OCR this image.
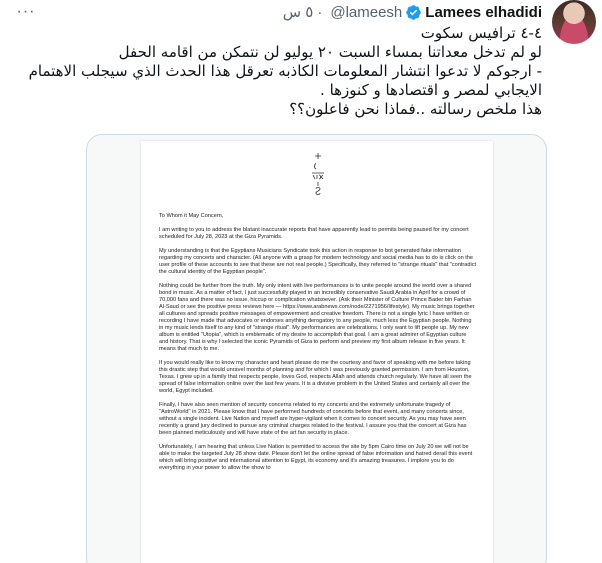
···	Lamees elhadidi
@lameesh
·
٥ س

٤-٤ ترافيس سكوت

لو لم تدخل معداتنا بمساء السبت ٢٠ يوليو لن نتمكن من اقامه الحفل

- ارجوكم لا تدعوا انتشار المعلومات الكاذبه تعرقل هذا الحدث الذي سيجلب الاهتمام

الايجابي لمصر و اقتصادها و كنوزها .

هذا ملخص رسالته ..فماذا نحن فاعلون؟؟

To Whom it May Concern,

I am writing to you to address the blatant inaccurate reports that have apparently lead to permits being paused for my concert scheduled for July 28, 2023 at the Giza Pyramids.

My understanding is that the Egyptians Musicians Syndicate took this action in response to bot generated fake information regarding my concerts and character. (All anyone with a grasp for modern technology and social media has to do is click on the user profile of these accounts to see that these are not real people.) Specifically, they referred to "strange rituals" that "contradict the cultural identity of the Egyptian people".

Nothing could be further from the truth. My only intent with live performances is to unite people around the world over a shared bond in music. As a matter of fact, I just successfully played in an incredibly conservative Saudi Arabia in April for a crowd of 70,000 fans and there was no issue, hiccup or complication whatsoever. (Ask their Minister of Culture Prince Bader bin Farhan Al-Saud or see the positive press reviews here — https://www.arabnews.com/node/2271956/lifestyle). My music brings together all cultures and spreads positive messages of empowerment and creative freedom. There is not a single lyric I have written or recording I have made that advocates or endorses anything derogatory to any people, much less the Egyptian people. Nothing in my music lends itself to any kind of "strange ritual". My performances are celebrations. I only want to lift people up. My new album is entitled "Utopia", which is emblematic of my desire to accomplish that goal. I am a great admirer of Egyptian culture and history. That is why I selected the iconic Pyramids of Giza to perform and preview my first album release in five years. It means that much to me.

If you would really like to know my character and heart please do me the courtesy and favor of speaking with me before taking this drastic step that would unravel months of planning and for which I was previously granted permission. I am from Houston, Texas. I grew up in a family that respects people, loves God, respects Allah and attends church regularly. We have all seen the spread of false information online over the last few years. It is a divisive problem in the United States and certainly all over the world, Egypt included.

Finally, I have also seen mention of security concerns related to my concerts and the extremely unfortunate tragedy of "AstroWorld" in 2021. Please know that I have performed hundreds of concerts before that event, and many concerts since, without a single incident. Live Nation and myself are hyper-vigilant when it comes to concert security. As you may have seen recently a grand jury declined to pursue any criminal charges related to the festival. I assure you that the concert at Giza has been planned meticulously and will have state of the art fan security in place.

Unfortunately, I am hearing that unless Live Nation is permitted to access the site by 5pm Cairo time on July 20 we will not be able to make the targeted July 28 show date. Please don't let the online spread of false information and hatred derail this event which will bring positive and international attention to Egypt, its economy and it's amazing treasures. I implore you to do everything in your power to allow the show to
